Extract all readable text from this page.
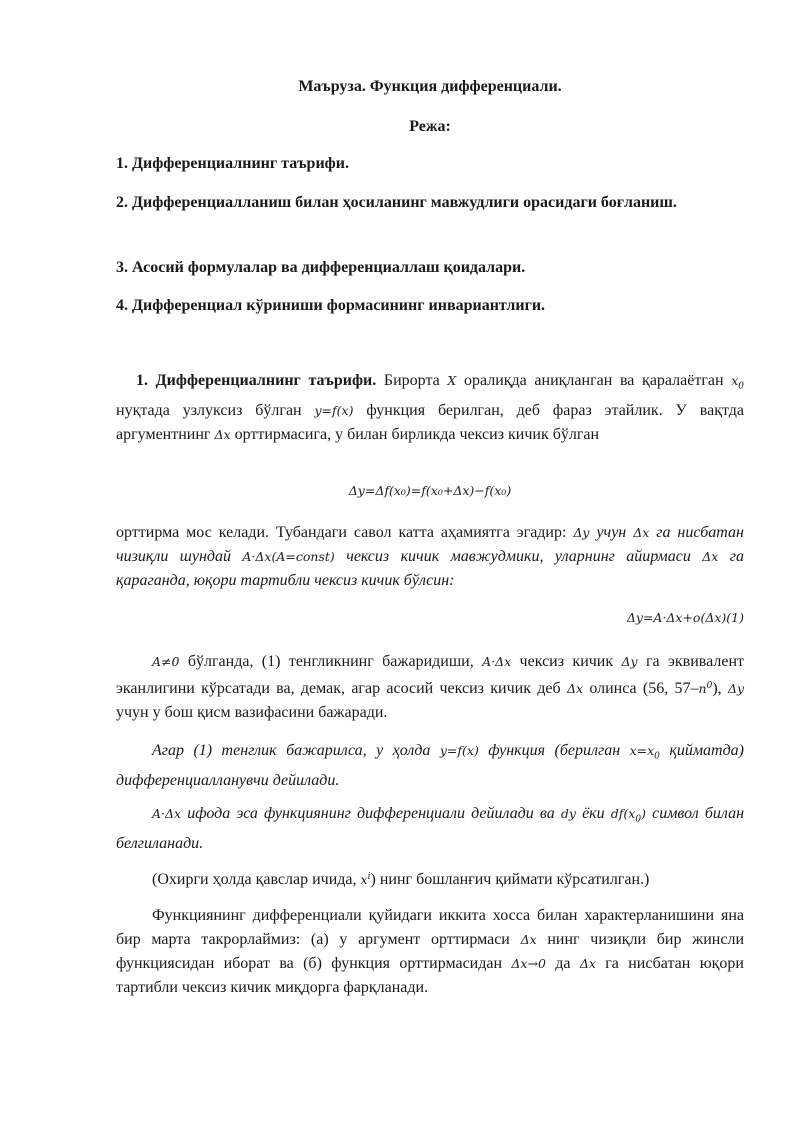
Маъруза. Функция дифференциали.
Режа:
1. Дифференциалнинг таърифи.
2. Дифференциалланиш билан ҳосиланинг мавжудлиги орасидаги боғланиш.
3. Асосий формулалар ва дифференциаллаш қоидалари.
4. Дифференциал кўриниши формасининг инвариантлиги.
1. Дифференциалнинг таърифи. Бирорта X оралиқда аниқланган ва қаралаётган $x_0$ нуқтада узлуксиз бўлган y=f(x) функция берилган, деб фараз этайлик. У вақтда аргументнинг Δx орттирмасига, у билан бирликда чексиз кичик бўлган
Δy=Δf(x₀)=f(x₀+Δx)−f(x₀)
орттирма мос келади. Тубандаги савол катта аҳамиятга эгадир: Δy учун Δx га нисбатан чизиқли шундай A·Δx(A=const) чексиз кичик мавжудмики, уларнинг айирмаси Δx га қараганда, юқори тартибли чексиз кичик бўлсин:
Δy=A·Δx+o(Δx)(1)
A≠0 бўлганда, (1) тенгликнинг бажаридиши, A·Δx чексиз кичик Δy га эквивалент эканлигини кўрсатади ва, демак, агар асосий чексиз кичик деб Δx олинса (56, $57-n^0$), Δy учун у бош қисм вазифасини бажаради.
Агар (1) тенглик бажарилса, у ҳолда y=f(x) функция (берилган $x=x_0$ қийматда) дифференциалланувчи дейилади.
A·Δx ифода эса функциянинг дифференциали дейилади ва dy ёки $df(x_0)$ символ билан белгиланади.
(Охирги ҳолда қавслар ичида, $x^i$) нинг бошланғич қиймати кўрсатилган.)
Функциянинг дифференциали қуйидаги иккита хосса билан характерланишини яна бир марта такрорлаймиз: (а) у аргумент орттирмаси Δx нинг чизиқли бир жинсли функциясидан иборат ва (б) функция орттирмасидан Δx→0 да Δx га нисбатан юқори тартибли чексиз кичик миқдорга фарқланади.
